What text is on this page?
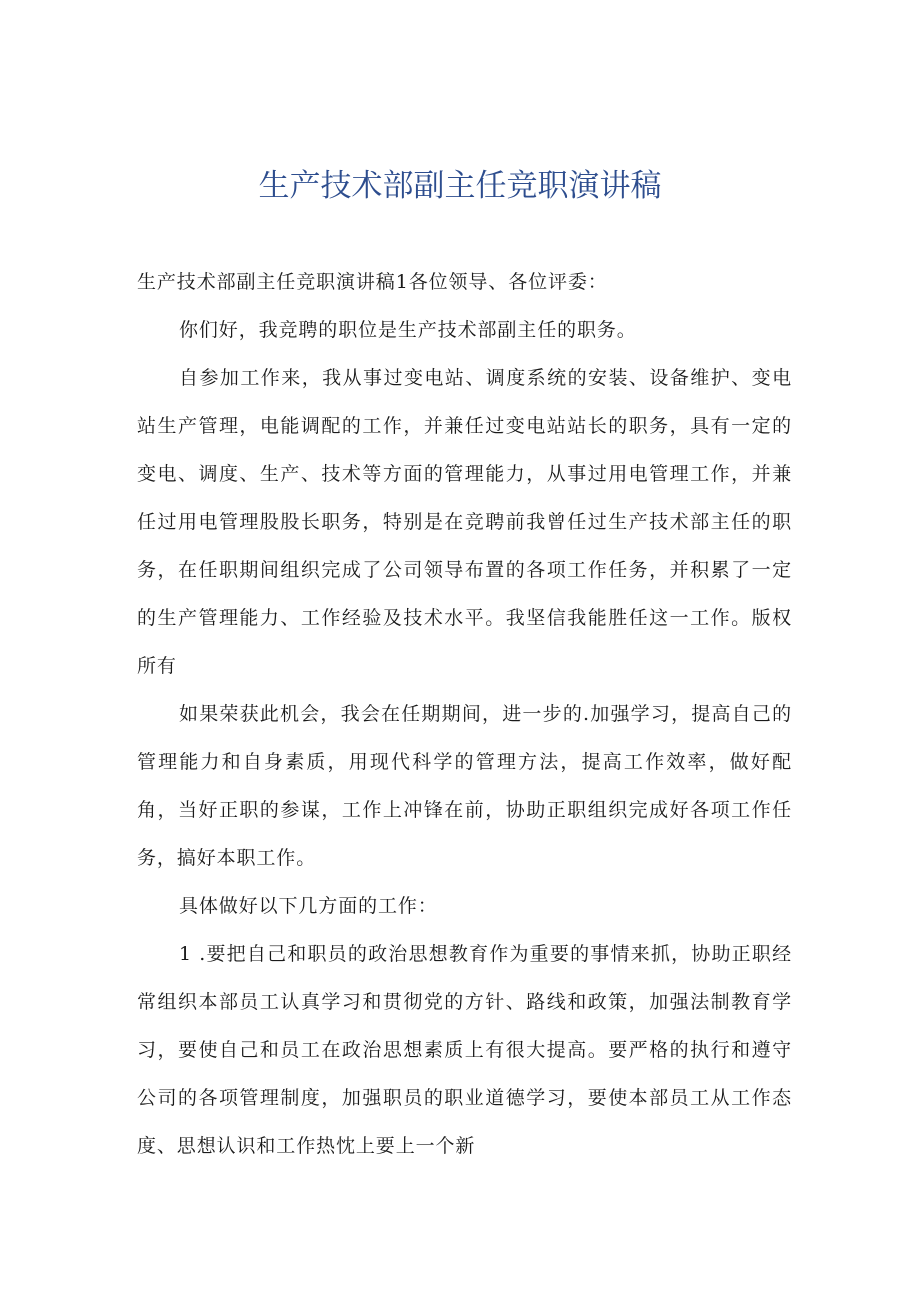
生产技术部副主任竞职演讲稿

生产技术部副主任竞职演讲稿1各位领导、各位评委：

你们好，我竞聘的职位是生产技术部副主任的职务。

自参加工作来，我从事过变电站、调度系统的安装、设备维护、变电站生产管理，电能调配的工作，并兼任过变电站站长的职务，具有一定的变电、调度、生产、技术等方面的管理能力，从事过用电管理工作，并兼任过用电管理股股长职务，特别是在竞聘前我曾任过生产技术部主任的职务，在任职期间组织完成了公司领导布置的各项工作任务，并积累了一定的生产管理能力、工作经验及技术水平。我坚信我能胜任这一工作。版权所有

如果荣获此机会，我会在任期期间，进一步的.加强学习，提高自己的管理能力和自身素质，用现代科学的管理方法，提高工作效率，做好配角，当好正职的参谋，工作上冲锋在前，协助正职组织完成好各项工作任务，搞好本职工作。

具体做好以下几方面的工作：

1 .要把自己和职员的政治思想教育作为重要的事情来抓，协助正职经常组织本部员工认真学习和贯彻党的方针、路线和政策，加强法制教育学习，要使自己和员工在政治思想素质上有很大提高。要严格的执行和遵守公司的各项管理制度，加强职员的职业道德学习，要使本部员工从工作态度、思想认识和工作热忱上要上一个新
